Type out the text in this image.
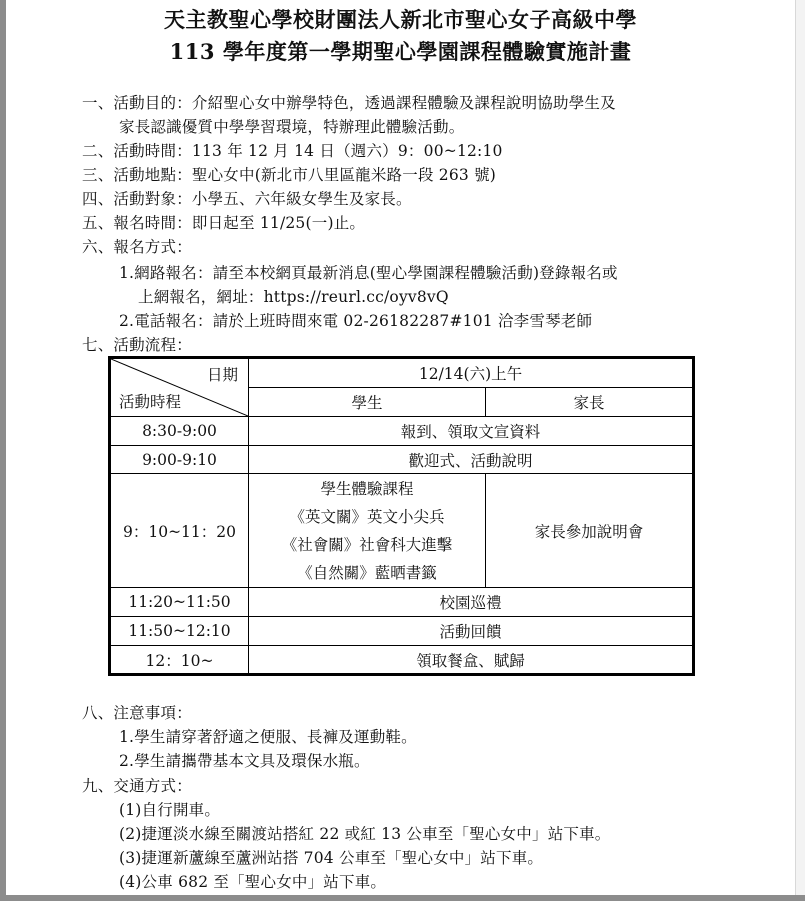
天主教聖心學校財團法人新北市聖心女子高級中學
113 學年度第一學期聖心學園課程體驗實施計畫
一、活動目的：介紹聖心女中辦學特色，透過課程體驗及課程說明協助學生及
家長認識優質中學學習環境，特辦理此體驗活動。
二、活動時間：113 年 12 月 14 日（週六）9：00~12:10
三、活動地點：聖心女中(新北市八里區龍米路一段 263 號)
四、活動對象：小學五、六年級女學生及家長。
五、報名時間：即日起至 11/25(一)止。
六、報名方式：
1.網路報名：請至本校網頁最新消息(聖心學園課程體驗活動)登錄報名或
上網報名，網址：https://reurl.cc/oyv8vQ
2.電話報名：請於上班時間來電 02-26182287#101 洽李雪琴老師
七、活動流程：
日期
活動時程	12/14(六)上午	
	學生	家長
8:30-9:00	報到、領取文宣資料	
9:00-9:10	歡迎式、活動說明	
9：10~11：20	學生體驗課程
《英文關》英文小尖兵
《社會關》社會科大進擊
《自然關》藍晒書籤	家長參加說明會
11:20~11:50	校園巡禮	
11:50~12:10	活動回饋	
12：10~	領取餐盒、賦歸	
八、注意事項：
1.學生請穿著舒適之便服、長褲及運動鞋。
2.學生請攜帶基本文具及環保水瓶。
九、交通方式：
(1)自行開車。
(2)捷運淡水線至關渡站搭紅 22 或紅 13 公車至「聖心女中」站下車。
(3)捷運新蘆線至蘆洲站搭 704 公車至「聖心女中」站下車。
(4)公車 682 至「聖心女中」站下車。
